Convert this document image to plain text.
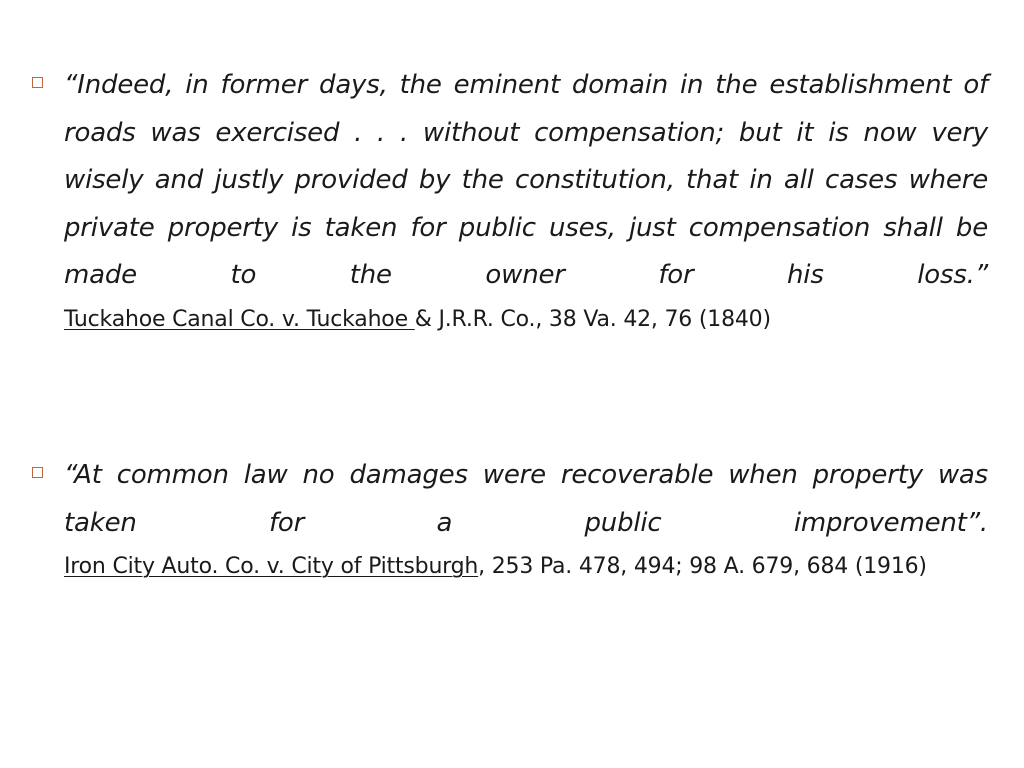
“Indeed, in former days, the eminent domain in the establishment of roads was exercised . . . without compensation; but it is now very wisely and justly provided by the constitution, that in all cases where private property is taken for public uses, just compensation shall be made to the owner for his loss.”
Tuckahoe Canal Co. v. Tuckahoe & J.R.R. Co., 38 Va. 42, 76 (1840)
“At common law no damages were recoverable when property was taken for a public improvement”.
Iron City Auto. Co. v. City of Pittsburgh, 253 Pa. 478, 494; 98 A. 679, 684 (1916)
